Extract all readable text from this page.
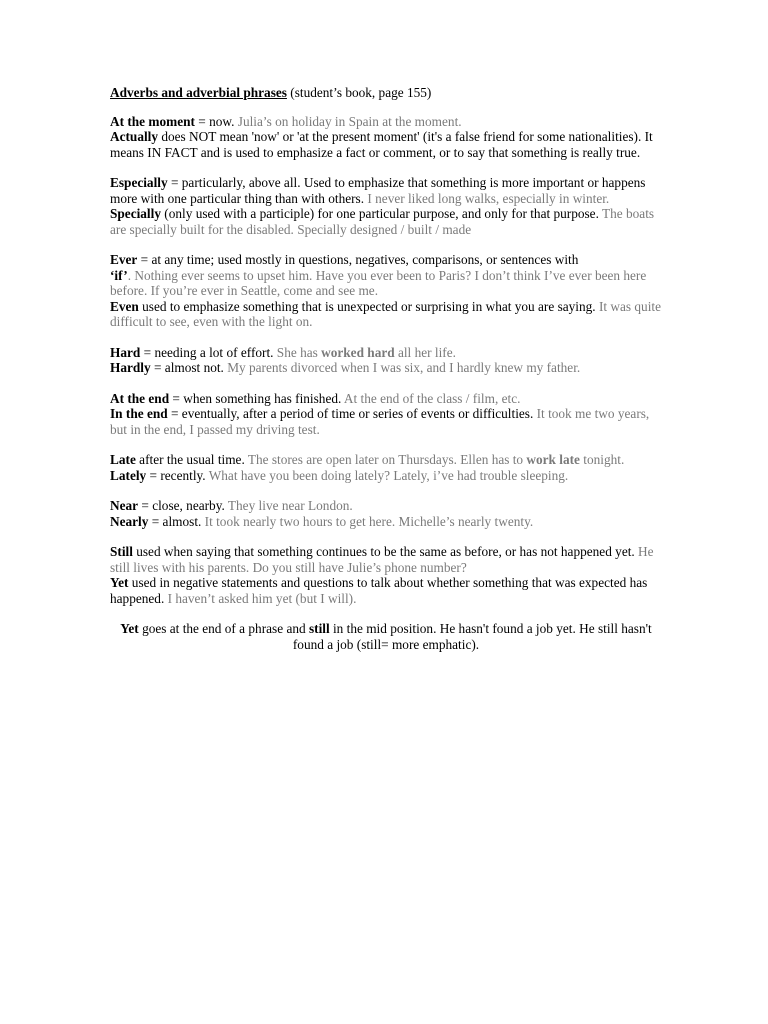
Adverbs and adverbial phrases (student’s book, page 155)

At the moment = now. Julia’s on holiday in Spain at the moment.
Actually does NOT mean 'now' or 'at the present moment' (it's a false friend for some nationalities). It means IN FACT and is used to emphasize a fact or comment, or to say that something is really true.

Especially = particularly, above all. Used to emphasize that something is more important or happens more with one particular thing than with others. I never liked long walks, especially in winter.
Specially (only used with a participle) for one particular purpose, and only for that purpose. The boats are specially built for the disabled. Specially designed / built / made

Ever = at any time; used mostly in questions, negatives, comparisons, or sentences with
‘if’. Nothing ever seems to upset him. Have you ever been to Paris? I don’t think I’ve ever been here before. If you’re ever in Seattle, come and see me.
Even used to emphasize something that is unexpected or surprising in what you are saying. It was quite difficult to see, even with the light on.

Hard = needing a lot of effort. She has worked hard all her life.
Hardly = almost not. My parents divorced when I was six, and I hardly knew my father.

At the end = when something has finished. At the end of the class / film, etc.
In the end = eventually, after a period of time or series of events or difficulties. It took me two years, but in the end, I passed my driving test.

Late after the usual time. The stores are open later on Thursdays. Ellen has to work late tonight.
Lately = recently. What have you been doing lately? Lately, i’ve had trouble sleeping.

Near = close, nearby. They live near London.
Nearly = almost. It took nearly two hours to get here. Michelle’s nearly twenty.

Still used when saying that something continues to be the same as before, or has not happened yet. He still lives with his parents. Do you still have Julie’s phone number?
Yet used in negative statements and questions to talk about whether something that was expected has happened. I haven’t asked him yet (but I will).

Yet goes at the end of a phrase and still in the mid position. He hasn't found a job yet. He still hasn't found a job (still= more emphatic).
